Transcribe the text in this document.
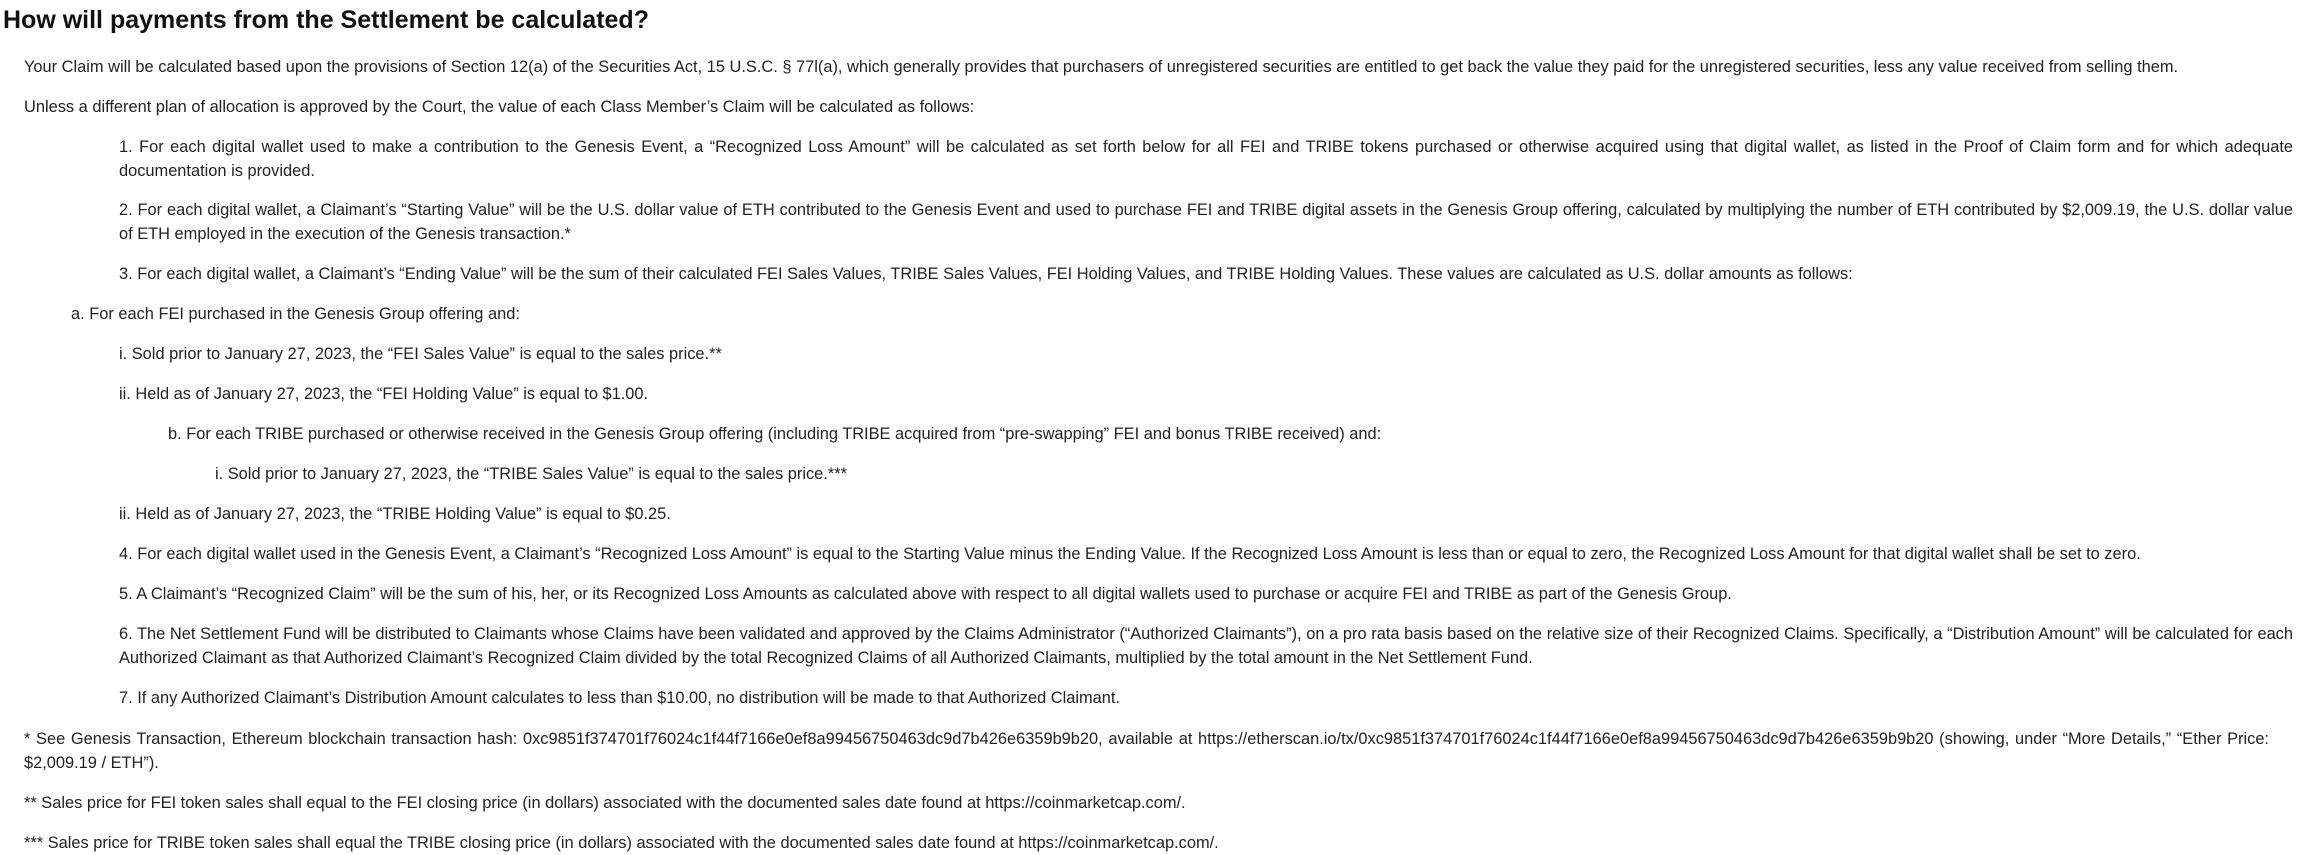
How will payments from the Settlement be calculated?

Your Claim will be calculated based upon the provisions of Section 12(a) of the Securities Act, 15 U.S.C. § 77l(a), which generally provides that purchasers of unregistered securities are entitled to get back the value they paid for the unregistered securities, less any value received from selling them.

Unless a different plan of allocation is approved by the Court, the value of each Class Member’s Claim will be calculated as follows:

1. For each digital wallet used to make a contribution to the Genesis Event, a “Recognized Loss Amount” will be calculated as set forth below for all FEI and TRIBE tokens purchased or otherwise acquired using that digital wallet, as listed in the Proof of Claim form and for which adequate documentation is provided.

2. For each digital wallet, a Claimant’s “Starting Value” will be the U.S. dollar value of ETH contributed to the Genesis Event and used to purchase FEI and TRIBE digital assets in the Genesis Group offering, calculated by multiplying the number of ETH contributed by $2,009.19, the U.S. dollar value of ETH employed in the execution of the Genesis transaction.*

3. For each digital wallet, a Claimant’s “Ending Value” will be the sum of their calculated FEI Sales Values, TRIBE Sales Values, FEI Holding Values, and TRIBE Holding Values. These values are calculated as U.S. dollar amounts as follows:

a. For each FEI purchased in the Genesis Group offering and:

i. Sold prior to January 27, 2023, the “FEI Sales Value” is equal to the sales price.**

ii. Held as of January 27, 2023, the “FEI Holding Value” is equal to $1.00.

b. For each TRIBE purchased or otherwise received in the Genesis Group offering (including TRIBE acquired from “pre-swapping” FEI and bonus TRIBE received) and:

i. Sold prior to January 27, 2023, the “TRIBE Sales Value” is equal to the sales price.***

ii. Held as of January 27, 2023, the “TRIBE Holding Value” is equal to $0.25.

4. For each digital wallet used in the Genesis Event, a Claimant’s “Recognized Loss Amount” is equal to the Starting Value minus the Ending Value. If the Recognized Loss Amount is less than or equal to zero, the Recognized Loss Amount for that digital wallet shall be set to zero.

5. A Claimant’s “Recognized Claim” will be the sum of his, her, or its Recognized Loss Amounts as calculated above with respect to all digital wallets used to purchase or acquire FEI and TRIBE as part of the Genesis Group.

6. The Net Settlement Fund will be distributed to Claimants whose Claims have been validated and approved by the Claims Administrator (“Authorized Claimants”), on a pro rata basis based on the relative size of their Recognized Claims. Specifically, a “Distribution Amount” will be calculated for each Authorized Claimant as that Authorized Claimant’s Recognized Claim divided by the total Recognized Claims of all Authorized Claimants, multiplied by the total amount in the Net Settlement Fund.

7. If any Authorized Claimant’s Distribution Amount calculates to less than $10.00, no distribution will be made to that Authorized Claimant.

* See Genesis Transaction, Ethereum blockchain transaction hash: 0xc9851f374701f76024c1f44f7166e0ef8a99456750463dc9d7b426e6359b9b20, available at https://etherscan.io/tx/0xc9851f374701f76024c1f44f7166e0ef8a99456750463dc9d7b426e6359b9b20 (showing, under “More Details,” “Ether Price: $2,009.19 / ETH”).

** Sales price for FEI token sales shall equal to the FEI closing price (in dollars) associated with the documented sales date found at https://coinmarketcap.com/.

*** Sales price for TRIBE token sales shall equal the TRIBE closing price (in dollars) associated with the documented sales date found at https://coinmarketcap.com/.
